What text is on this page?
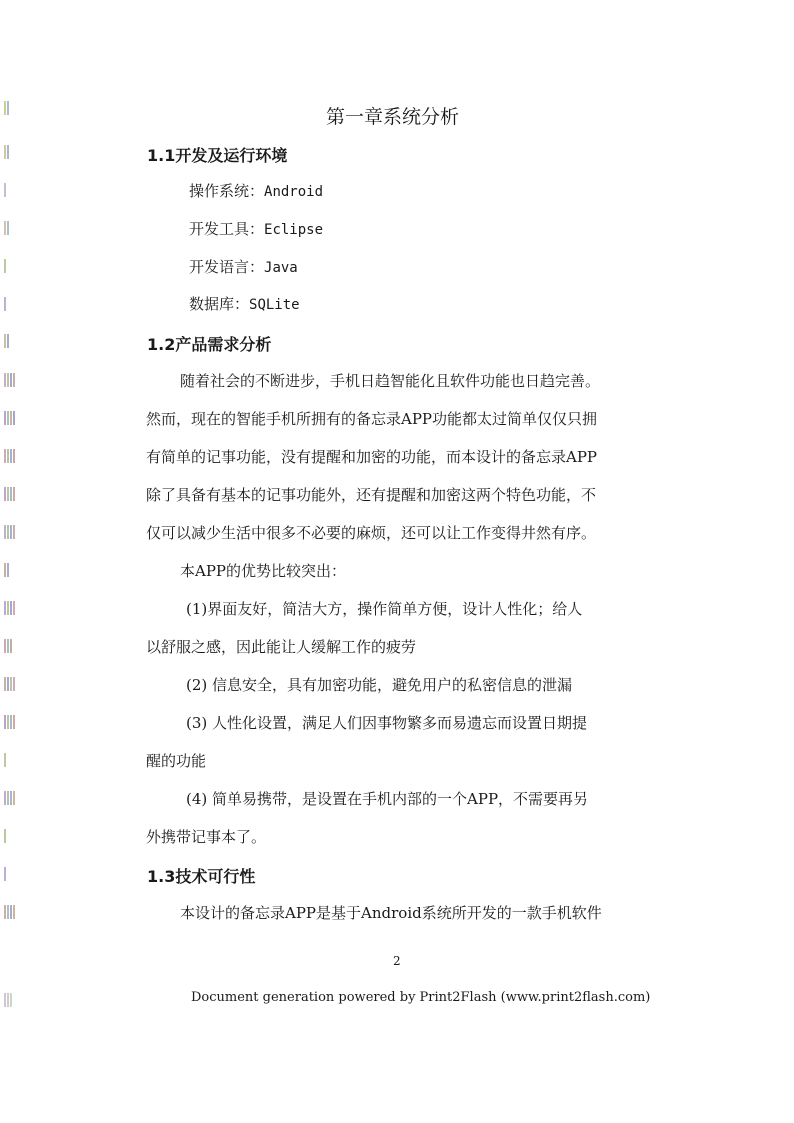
第一章系统分析
1.1开发及运行环境
操作系统：Android
开发工具：Eclipse
开发语言：Java
数据库：SQLite
1.2产品需求分析
随着社会的不断进步，手机日趋智能化且软件功能也日趋完善。
然而，现在的智能手机所拥有的备忘录APP功能都太过简单仅仅只拥
有简单的记事功能，没有提醒和加密的功能，而本设计的备忘录APP
除了具备有基本的记事功能外，还有提醒和加密这两个特色功能，不
仅可以减少生活中很多不必要的麻烦，还可以让工作变得井然有序。
本APP的优势比较突出：
(1)界面友好，简洁大方，操作简单方便，设计人性化；给人
以舒服之感，因此能让人缓解工作的疲劳
(2) 信息安全，具有加密功能，避免用户的私密信息的泄漏
(3) 人性化设置，满足人们因事物繁多而易遗忘而设置日期提
醒的功能
(4) 简单易携带，是设置在手机内部的一个APP，不需要再另
外携带记事本了。
1.3技术可行性
本设计的备忘录APP是基于Android系统所开发的一款手机软件
2
Document generation powered by Print2Flash (www.print2flash.com)
